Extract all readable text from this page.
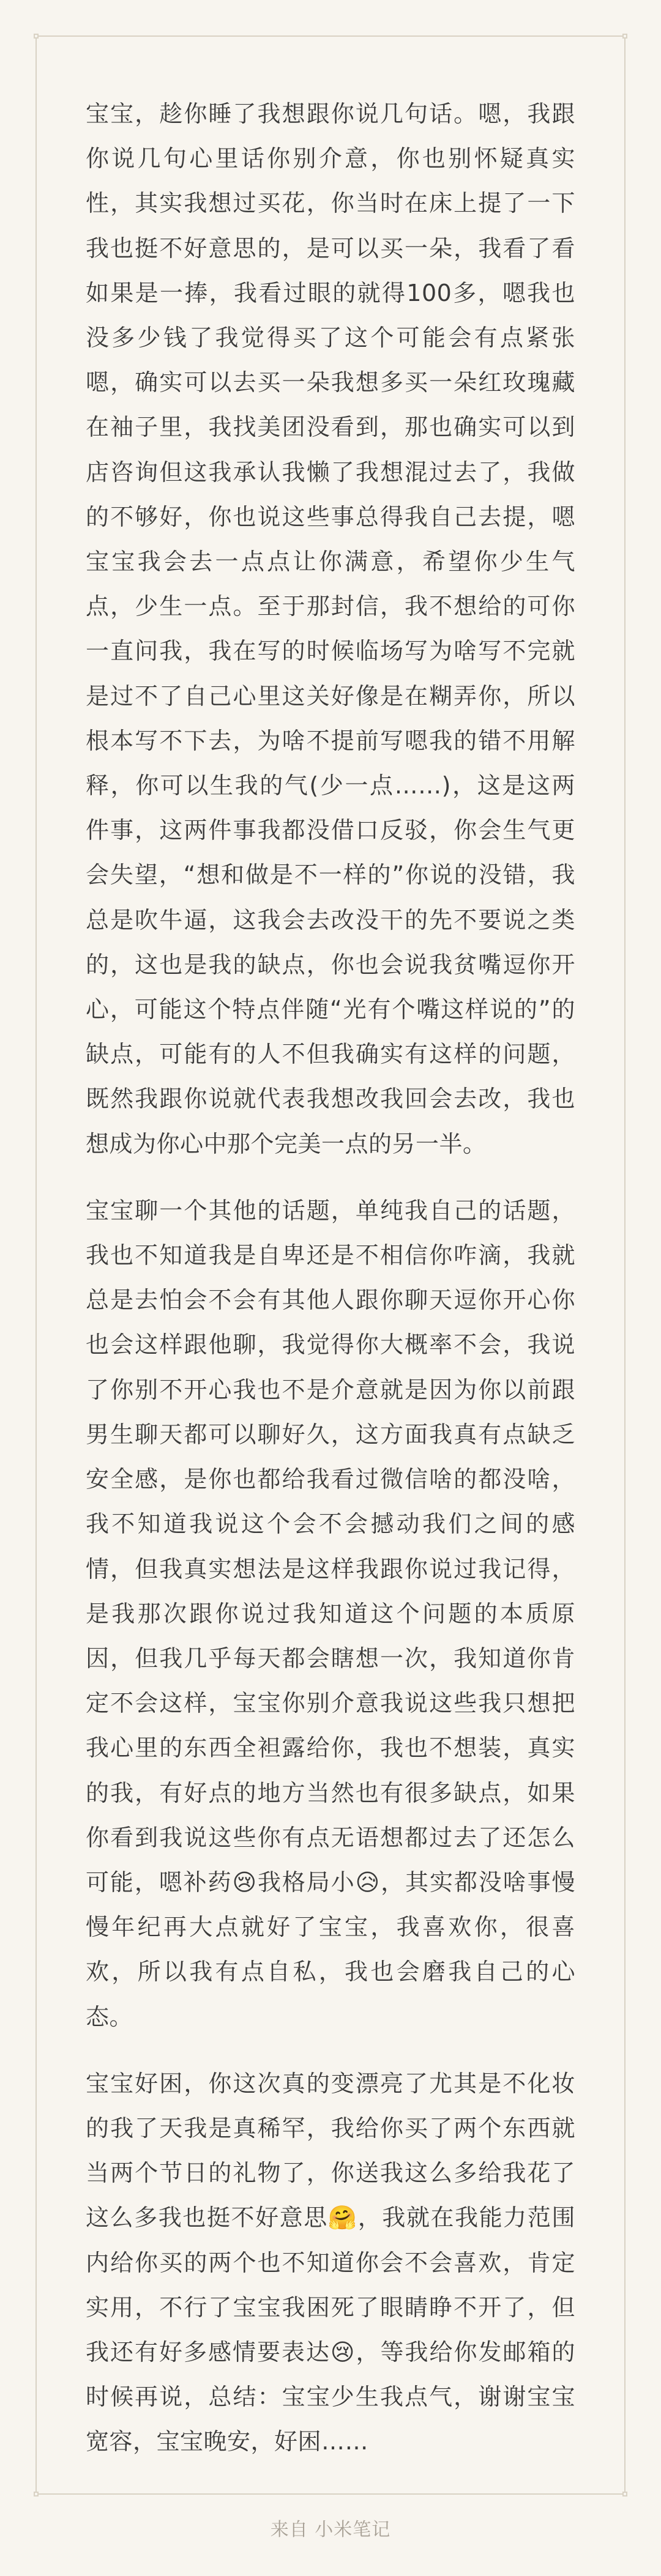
宝宝，趁你睡了我想跟你说几句话。嗯，我跟你说几句心里话你别介意，你也别怀疑真实性，其实我想过买花，你当时在床上提了一下我也挺不好意思的，是可以买一朵，我看了看如果是一捧，我看过眼的就得100多，嗯我也没多少钱了我觉得买了这个可能会有点紧张嗯，确实可以去买一朵我想多买一朵红玫瑰藏在袖子里，我找美团没看到，那也确实可以到店咨询但这我承认我懒了我想混过去了，我做的不够好，你也说这些事总得我自己去提，嗯宝宝我会去一点点让你满意，希望你少生气点，少生一点。至于那封信，我不想给的可你一直问我，我在写的时候临场写为啥写不完就是过不了自己心里这关好像是在糊弄你，所以根本写不下去，为啥不提前写嗯我的错不用解释，你可以生我的气(少一点……)，这是这两件事，这两件事我都没借口反驳，你会生气更会失望，“想和做是不一样的”你说的没错，我总是吹牛逼，这我会去改没干的先不要说之类的，这也是我的缺点，你也会说我贫嘴逗你开心，可能这个特点伴随“光有个嘴这样说的”的缺点，可能有的人不但我确实有这样的问题，既然我跟你说就代表我想改我回会去改，我也想成为你心中那个完美一点的另一半。

宝宝聊一个其他的话题，单纯我自己的话题，我也不知道我是自卑还是不相信你咋滴，我就总是去怕会不会有其他人跟你聊天逗你开心你也会这样跟他聊，我觉得你大概率不会，我说了你别不开心我也不是介意就是因为你以前跟男生聊天都可以聊好久，这方面我真有点缺乏安全感，是你也都给我看过微信啥的都没啥，我不知道我说这个会不会撼动我们之间的感情，但我真实想法是这样我跟你说过我记得，是我那次跟你说过我知道这个问题的本质原因，但我几乎每天都会瞎想一次，我知道你肯定不会这样，宝宝你别介意我说这些我只想把我心里的东西全袒露给你，我也不想装，真实的我，有好点的地方当然也有很多缺点，如果你看到我说这些你有点无语想都过去了还怎么可能，嗯补药😢我格局小😥，其实都没啥事慢慢年纪再大点就好了宝宝，我喜欢你，很喜欢，所以我有点自私，我也会磨我自己的心态。

宝宝好困，你这次真的变漂亮了尤其是不化妆的我了天我是真稀罕，我给你买了两个东西就当两个节日的礼物了，你送我这么多给我花了这么多我也挺不好意思🤗，我就在我能力范围内给你买的两个也不知道你会不会喜欢，肯定实用，不行了宝宝我困死了眼睛睁不开了，但我还有好多感情要表达😢，等我给你发邮箱的时候再说，总结：宝宝少生我点气，谢谢宝宝宽容，宝宝晚安，好困……

来自 小米笔记
